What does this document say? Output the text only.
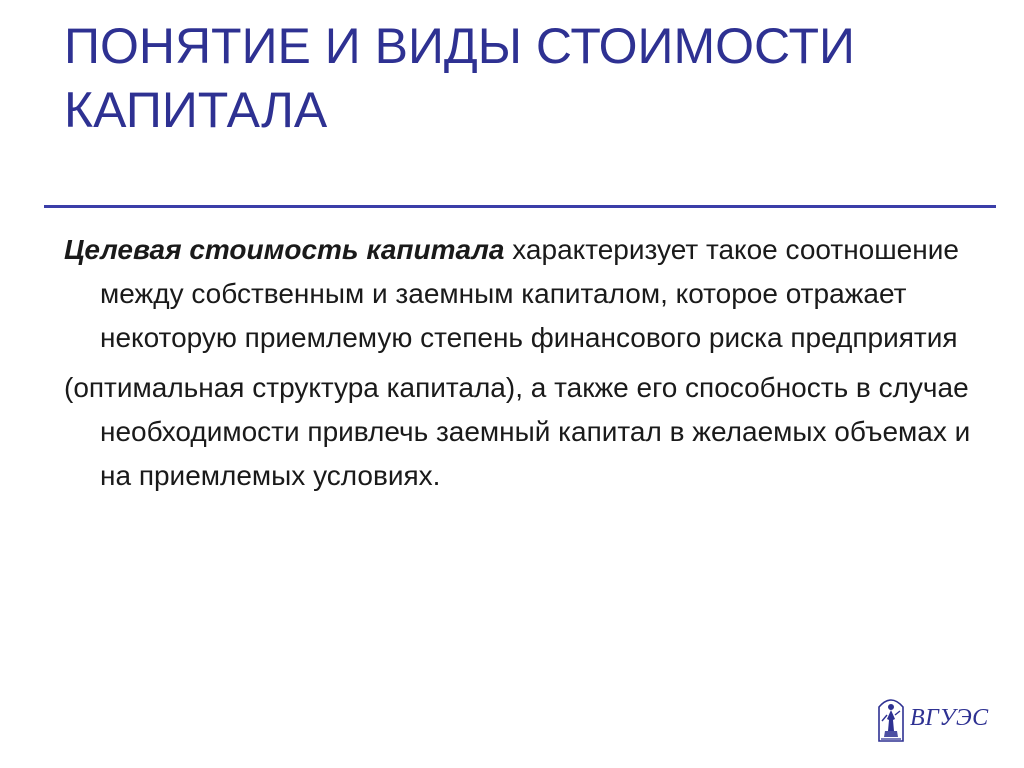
ПОНЯТИЕ И ВИДЫ СТОИМОСТИ КАПИТАЛА

Целевая стоимость капитала характеризует такое соотношение между собственным и заемным капиталом, которое отражает некоторую приемлемую степень финансового риска предприятия

(оптимальная структура капитала), а также его способность в случае необходимости привлечь заемный капитал в желаемых объемах и на приемлемых условиях.

ВГУЭС
